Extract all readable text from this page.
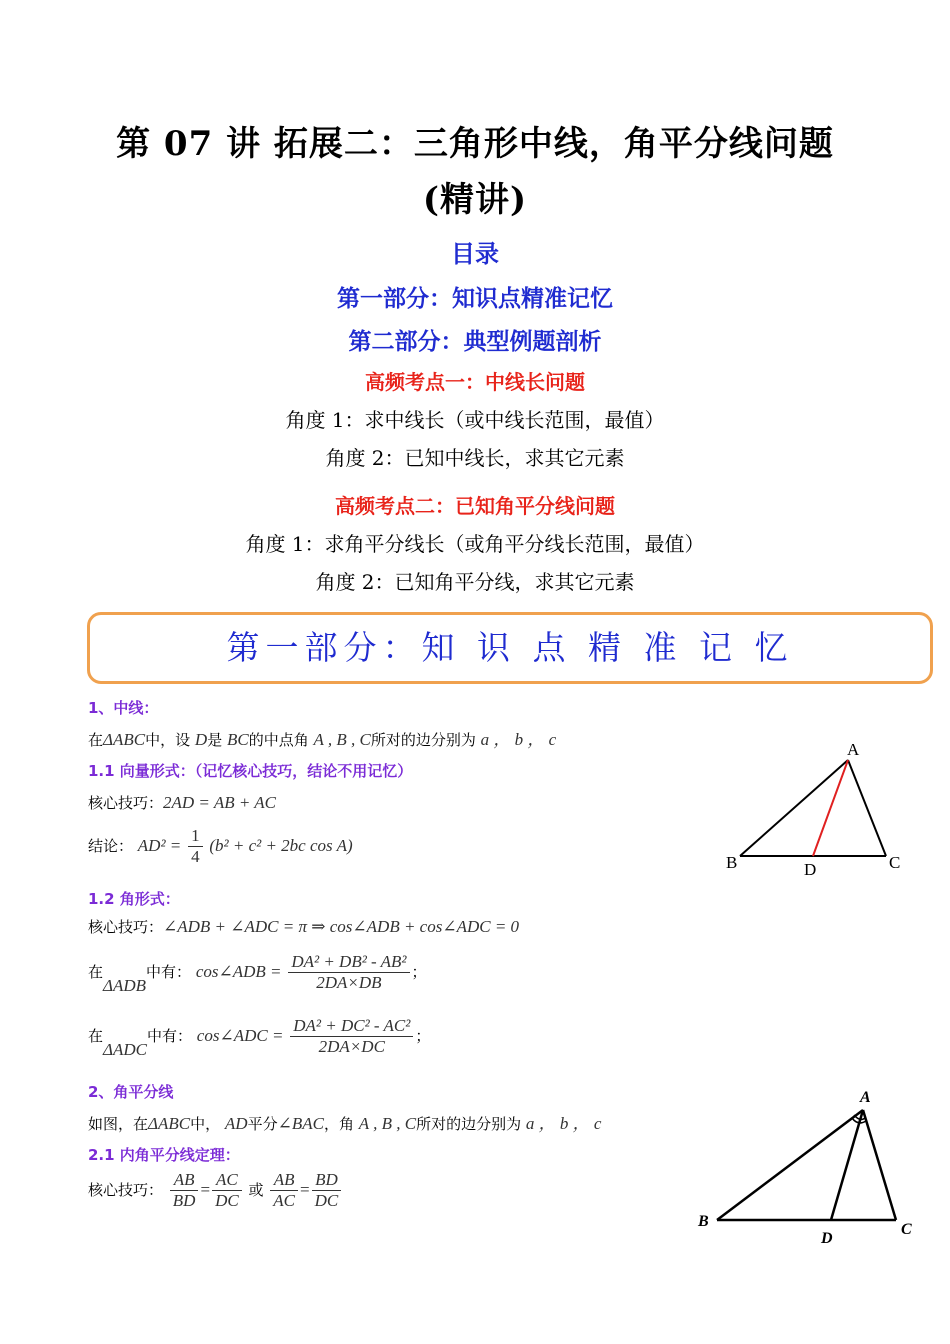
第 07 讲 拓展二：三角形中线，角平分线问题
(精讲)
目录
第一部分：知识点精准记忆
第二部分：典型例题剖析
高频考点一：中线长问题
角度 1：求中线长（或中线长范围，最值）
角度 2：已知中线长，求其它元素
高频考点二：已知角平分线问题
角度 1：求角平分线长（或角平分线长范围，最值）
角度 2：已知角平分线，求其它元素
第一部分：知 识 点 精 准 记 忆
1、中线：
在ΔABC中，设 D是 BC的中点角 A , B , C所对的边分别为 a ， b ， c
1.1 向量形式：（记忆核心技巧，结论不用记忆）
核心技巧：2AD = AB + AC
结论： $AD^2 = \frac{1}{4} (b^2 + c^2 + 2bc$ cos A)
1.2 角形式：
核心技巧：∠ADB + ∠ADC = π ⇒ cos∠ADB + cos∠ADC = 0
在ΔADB中有： cos∠ADB = $\frac{\text{DA² + DB² - AB²}}{2DA\times DB}$ ；
在ΔADC中有： cos∠ADC = $\frac{\text{DA² + DC² - AC²}}{2DA\times DC}$ ；
A
B	D	C
2、角平分线
如图，在ΔABC中， AD平分∠BAC，角 A , B , C所对的边分别为 a ， b ， c
2.1 内角平分线定理：
核心技巧： $\frac{AB}{BD} = \frac{AC}{DC}$ 或 $\frac{AB}{AC} = \frac{BD}{DC}$
A
B
D
C
